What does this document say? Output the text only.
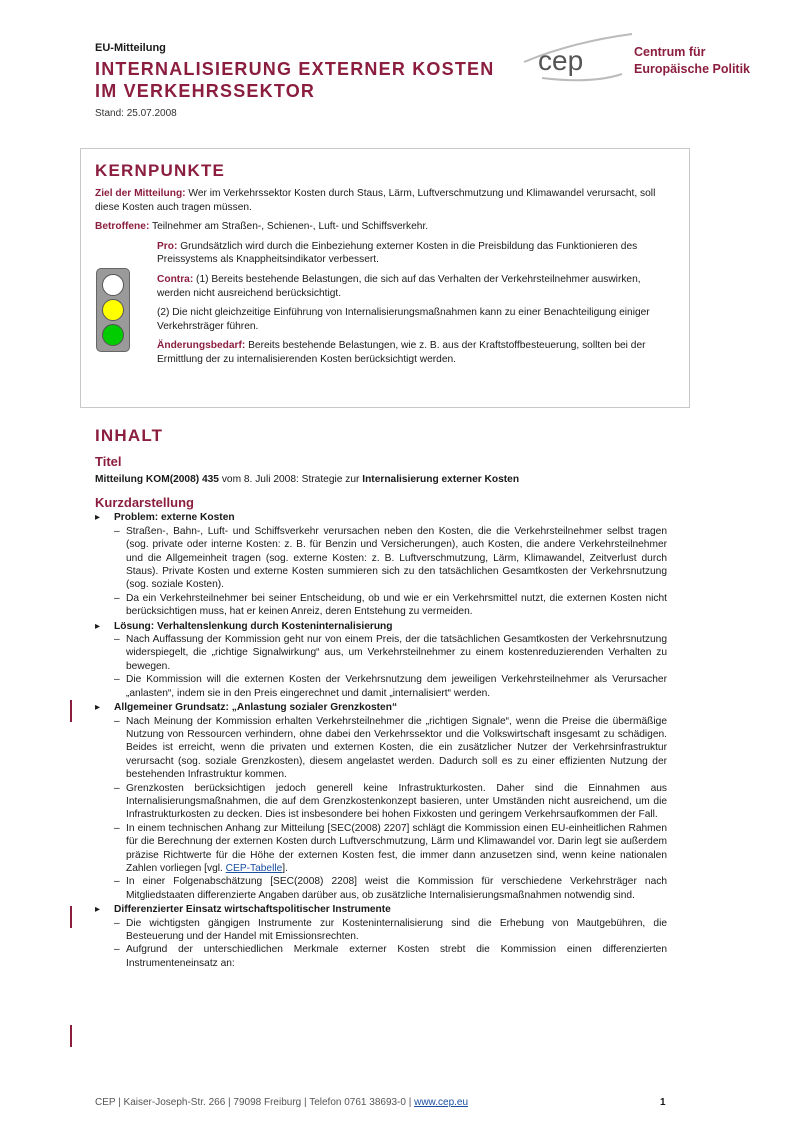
EU-Mitteilung
INTERNALISIERUNG EXTERNER KOSTEN
IM VERKEHRSSEKTOR
Stand: 25.07.2008
cep	Centrum für
Europäische Politik
KERNPUNKTE

Ziel der Mitteilung: Wer im Verkehrssektor Kosten durch Staus, Lärm, Luftverschmutzung und Klimawandel verursacht, soll diese Kosten auch tragen müssen.

Betroffene: Teilnehmer am Straßen-, Schienen-, Luft- und Schiffsverkehr.

Pro: Grundsätzlich wird durch die Einbeziehung externer Kosten in die Preisbildung das Funktionieren des Preissystems als Knappheitsindikator verbessert.

Contra: (1) Bereits bestehende Belastungen, die sich auf das Verhalten der Verkehrsteilnehmer auswirken, werden nicht ausreichend berücksichtigt.

(2) Die nicht gleichzeitige Einführung von Internalisierungsmaßnahmen kann zu einer Benachteiligung einiger Verkehrsträger führen.

Änderungsbedarf: Bereits bestehende Belastungen, wie z. B. aus der Kraftstoffbesteuerung, sollten bei der Ermittlung der zu internalisierenden Kosten berücksichtigt werden.

INHALT
Titel

Mitteilung KOM(2008) 435 vom 8. Juli 2008: Strategie zur Internalisierung externer Kosten

Kurzdarstellung
▸ Problem: externe Kosten
– Straßen-, Bahn-, Luft- und Schiffsverkehr verursachen neben den Kosten, die die Verkehrsteilnehmer selbst tragen (sog. private oder interne Kosten: z. B. für Benzin und Versicherungen), auch Kosten, die andere Verkehrsteilnehmer und die Allgemeinheit tragen (sog. externe Kosten: z. B. Luftverschmutzung, Lärm, Klimawandel, Zeitverlust durch Staus). Private Kosten und externe Kosten summieren sich zu den tatsächlichen Gesamtkosten der Verkehrsnutzung (sog. soziale Kosten).
– Da ein Verkehrsteilnehmer bei seiner Entscheidung, ob und wie er ein Verkehrsmittel nutzt, die externen Kosten nicht berücksichtigen muss, hat er keinen Anreiz, deren Entstehung zu vermeiden.
▸ Lösung: Verhaltenslenkung durch Kosteninternalisierung
– Nach Auffassung der Kommission geht nur von einem Preis, der die tatsächlichen Gesamtkosten der Verkehrsnutzung widerspiegelt, die „richtige Signalwirkung“ aus, um Verkehrsteilnehmer zu einem kostenreduzierenden Verhalten zu bewegen.
– Die Kommission will die externen Kosten der Verkehrsnutzung dem jeweiligen Verkehrsteilnehmer als Verursacher „anlasten“, indem sie in den Preis eingerechnet und damit „internalisiert“ werden.
▸ Allgemeiner Grundsatz: „Anlastung sozialer Grenzkosten“
– Nach Meinung der Kommission erhalten Verkehrsteilnehmer die „richtigen Signale“, wenn die Preise die übermäßige Nutzung von Ressourcen verhindern, ohne dabei den Verkehrssektor und die Volkswirtschaft insgesamt zu schädigen. Beides ist erreicht, wenn die privaten und externen Kosten, die ein zusätzlicher Nutzer der Verkehrsinfrastruktur verursacht (sog. soziale Grenzkosten), diesem angelastet werden. Dadurch soll es zu einer effizienten Nutzung der bestehenden Infrastruktur kommen.
– Grenzkosten berücksichtigen jedoch generell keine Infrastrukturkosten. Daher sind die Einnahmen aus Internalisierungsmaßnahmen, die auf dem Grenzkostenkonzept basieren, unter Umständen nicht ausreichend, um die Infrastrukturkosten zu decken. Dies ist insbesondere bei hohen Fixkosten und geringem Verkehrsaufkommen der Fall.
– In einem technischen Anhang zur Mitteilung [SEC(2008) 2207] schlägt die Kommission einen EU-einheitlichen Rahmen für die Berechnung der externen Kosten durch Luftverschmutzung, Lärm und Klimawandel vor. Darin legt sie außerdem präzise Richtwerte für die Höhe der externen Kosten fest, die immer dann anzusetzen sind, wenn keine nationalen Zahlen vorliegen [vgl. CEP-Tabelle].
– In einer Folgenabschätzung [SEC(2008) 2208] weist die Kommission für verschiedene Verkehrsträger nach Mitgliedstaaten differenzierte Angaben darüber aus, ob zusätzliche Internalisierungsmaßnahmen notwendig sind.
▸ Differenzierter Einsatz wirtschaftspolitischer Instrumente
– Die wichtigsten gängigen Instrumente zur Kosteninternalisierung sind die Erhebung von Mautgebühren, die Besteuerung und der Handel mit Emissionsrechten.
– Aufgrund der unterschiedlichen Merkmale externer Kosten strebt die Kommission einen differenzierten Instrumenteneinsatz an:
CEP | Kaiser-Joseph-Str. 266 | 79098 Freiburg | Telefon 0761 38693-0 | www.cep.eu	1
